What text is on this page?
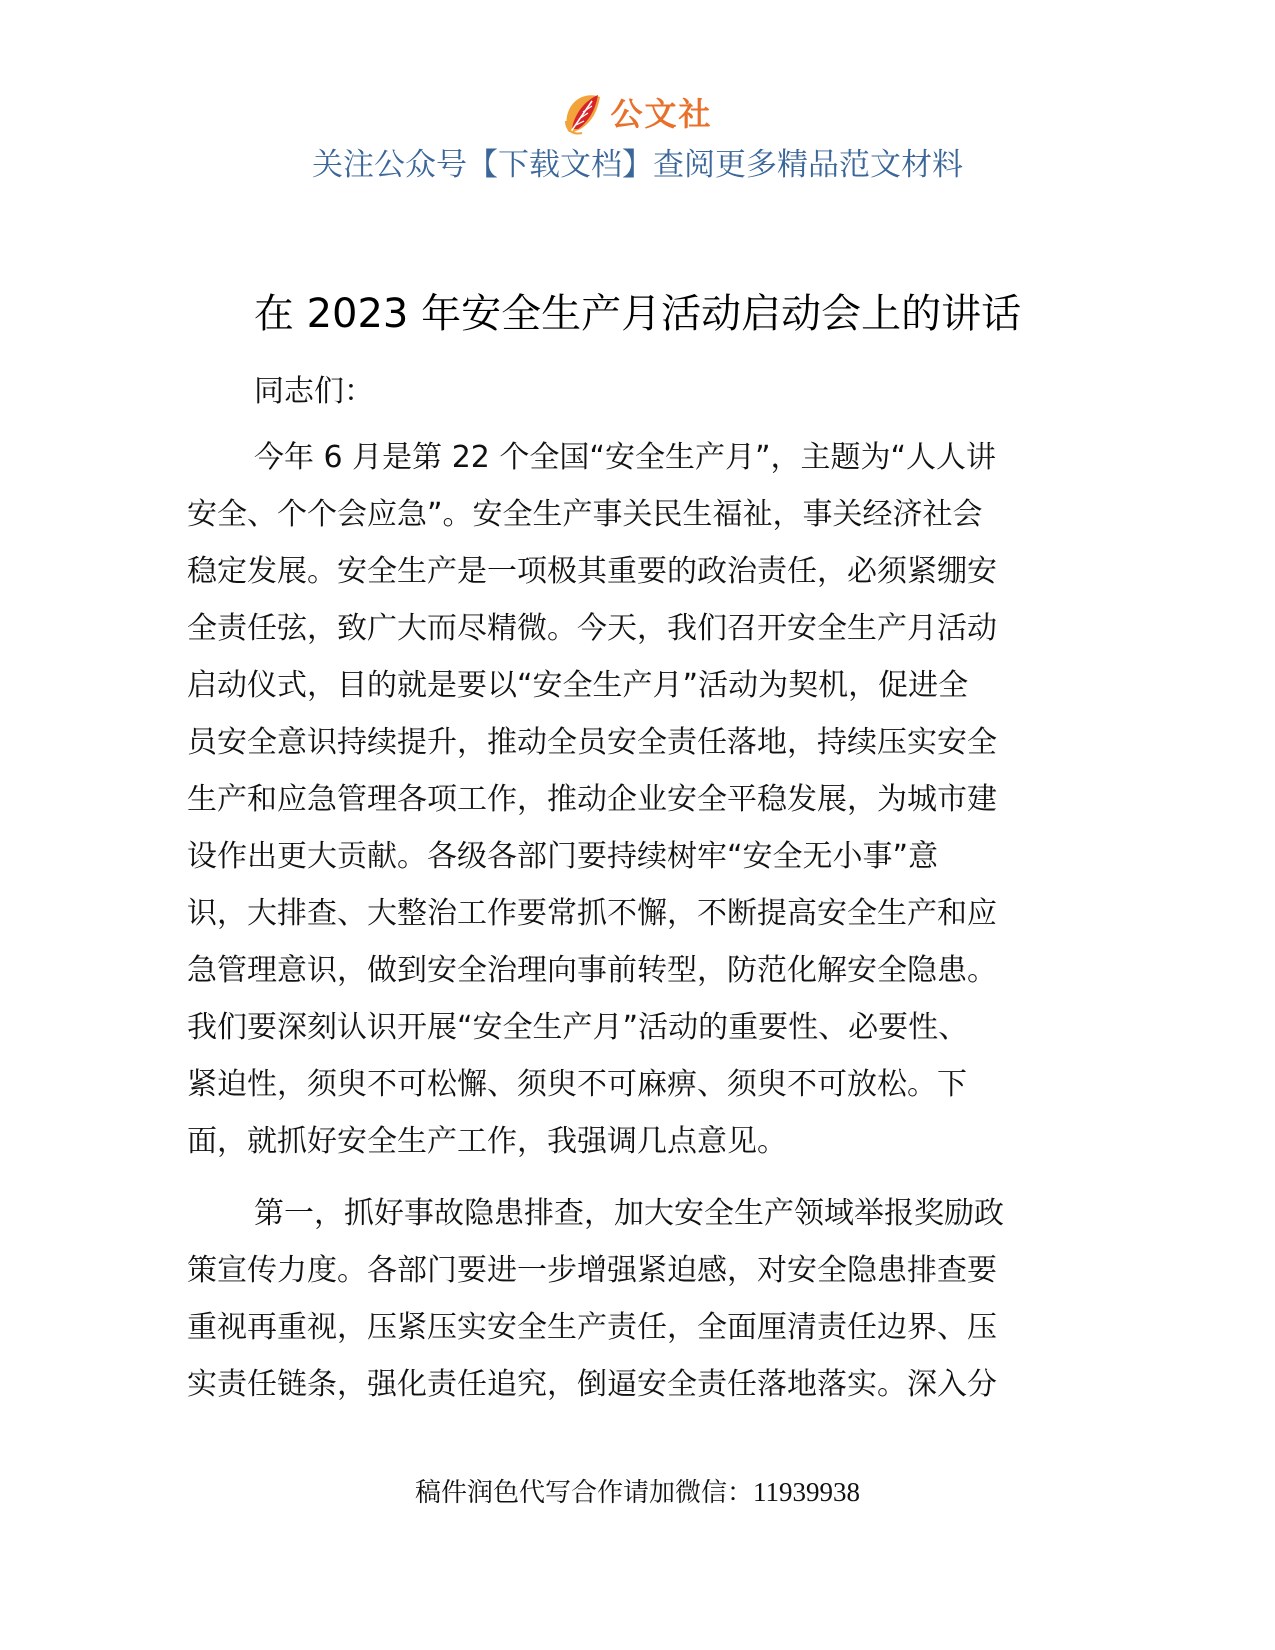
公文社
关注公众号【下载文档】查阅更多精品范文材料
在 2023 年安全生产月活动启动会上的讲话
同志们：
今年 6 月是第 22 个全国“安全生产月”，主题为“人人讲
安全、个个会应急”。安全生产事关民生福祉，事关经济社会
稳定发展。安全生产是一项极其重要的政治责任，必须紧绷安
全责任弦，致广大而尽精微。今天，我们召开安全生产月活动
启动仪式，目的就是要以“安全生产月”活动为契机，促进全
员安全意识持续提升，推动全员安全责任落地，持续压实安全
生产和应急管理各项工作，推动企业安全平稳发展，为城市建
设作出更大贡献。各级各部门要持续树牢“安全无小事”意
识，大排查、大整治工作要常抓不懈，不断提高安全生产和应
急管理意识，做到安全治理向事前转型，防范化解安全隐患。
我们要深刻认识开展“安全生产月”活动的重要性、必要性、
紧迫性，须臾不可松懈、须臾不可麻痹、须臾不可放松。下
面，就抓好安全生产工作，我强调几点意见。
第一，抓好事故隐患排查，加大安全生产领域举报奖励政
策宣传力度。各部门要进一步增强紧迫感，对安全隐患排查要
重视再重视，压紧压实安全生产责任，全面厘清责任边界、压
实责任链条，强化责任追究，倒逼安全责任落地落实。深入分
稿件润色代写合作请加微信：11939938
